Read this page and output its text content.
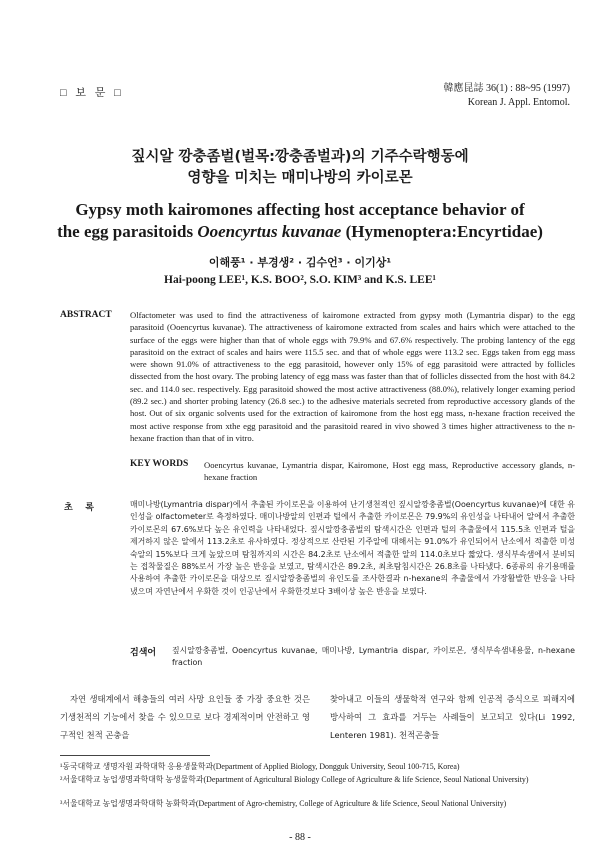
□ 보 문 □	韓應昆誌 36(1) : 88~95 (1997)
Korean J. Appl. Entomol.
짚시알 깡충좀벌(벌목:깡충좀벌과)의 기주수락행동에
영향을 미치는 매미나방의 카이로몬
Gypsy moth kairomones affecting host acceptance behavior of
the egg parasitoids Ooencyrtus kuvanae (Hymenoptera:Encyrtidae)
이해풍¹ · 부경생² · 김수언³ · 이기상¹
Hai-poong LEE¹, K.S. BOO², S.O. KIM³ and K.S. LEE¹
ABSTRACT Olfactometer was used to find the attractiveness of kairomone extracted from gypsy moth (Lymantria dispar) to the egg parasitoid (Ooencyrtus kuvanae). The attractiveness of kairomone extracted from scales and hairs which were attached to the surface of the eggs were higher than that of whole eggs with 79.9% and 67.6% respectively. The probing lantency of the egg parasitoid on the extract of scales and hairs were 115.5 sec. and that of whole eggs were 113.2 sec. Eggs taken from egg mass were shown 91.0% of attractiveness to the egg parasitoid, however only 15% of egg parasitoid were attracted by follicles dissected from the host ovary. The probing latency of egg mass was faster than that of follicles dissected from the host with 84.2 sec. and 114.0 sec. respectively. Egg parasitoid showed the most active attractiveness (88.0%), relatively longer examing period (89.2 sec.) and shorter probing latency (26.8 sec.) to the adhesive materials secreted from reproductive accessory glands of the host. Out of six organic solvents used for the extraction of kairomone from the host egg mass, n-hexane fraction received the most active response from xthe egg parasitoid and the parasitoid reared in vivo showed 3 times higher attractiveness to the n-hexane fraction than that of in vitro.
KEY WORDS Ooencyrtus kuvanae, Lymantria dispar, Kairomone, Host egg mass, Reproductive accessory glands, n-hexane fraction
초    록	매미나방(Lymantria dispar)에서 추출된 카이로몬을 이용하여 난기생천적인 짚시알깡충좀벌(Ooencyrtus kuvanae)에 대한 유인성을 olfactometer로 측정하였다. 매미나방알의 인편과 털에서 추출한 카이로몬은 79.9%의 유인성을 나타내어 알에서 추출한 카이로몬의 67.6%보다 높은 유인력을 나타내었다. 짚시알깡충좀벌의 탐색시간은 인편과 털의 추출물에서 115.5초 인편과 털을 제거하지 않은 알에서 113.2초로 유사하였다. 정상적으로 산란된 기주알에 대해서는 91.0%가 유인되어서 난소에서 적출한 미성숙알의 15%보다 크게 높았으며 탐침까지의 시간은 84.2초로 난소에서 적출한 알의 114.0초보다 짧았다. 생식부속샘에서 분비되는 접착물질은 88%로서 가장 높은 반응을 보였고, 탐색시간은 89.2초, 최초탐침시간은 26.8초를 나타냈다. 6종류의 유기용매를 사용하여 추출한 카이로몬을 대상으로 짚시알깡충좀벌의 유인도를 조사한결과 n-hexane의 추출물에서 가장활발한 반응을 나타냈으며 자연난에서 우화한 것이 인공난에서 우화한것보다 3배이상 높은 반응을 보였다.
검색어 짚시알깡충좀벌, Ooencyrtus kuvanae, 매미나방, Lymantria dispar, 카이로몬, 생식부속샘내용물, n-hexane fraction
자연 생태계에서 해충들의 여러 사망 요인들 중 가장 중요한 것은 기생천적의 기능에서 찾을 수 있으므로 보다 경제적이며 안전하고 영구적인 천적 곤충을
찾아내고 이들의 생물학적 연구와 함께 인공적 증식으로 피해지에 방사하여 그 효과를 거두는 사례들이 보고되고 있다(Li 1992, Lenteren 1981). 천적곤충들
¹동국대학교 생명자원 과학대학 응용생물학과(Department of Applied Biology, Dongguk University, Seoul 100-715, Korea)
²서울대학교 농업생명과학대학 농생물학과(Department of Agricultural Biology College of Agriculture & life Science, Seoul National University)
³서울대학교 농업생명과학대학 농화학과(Department of Agro-chemistry, College of Agriculture & life Science, Seoul National University)
- 88 -
